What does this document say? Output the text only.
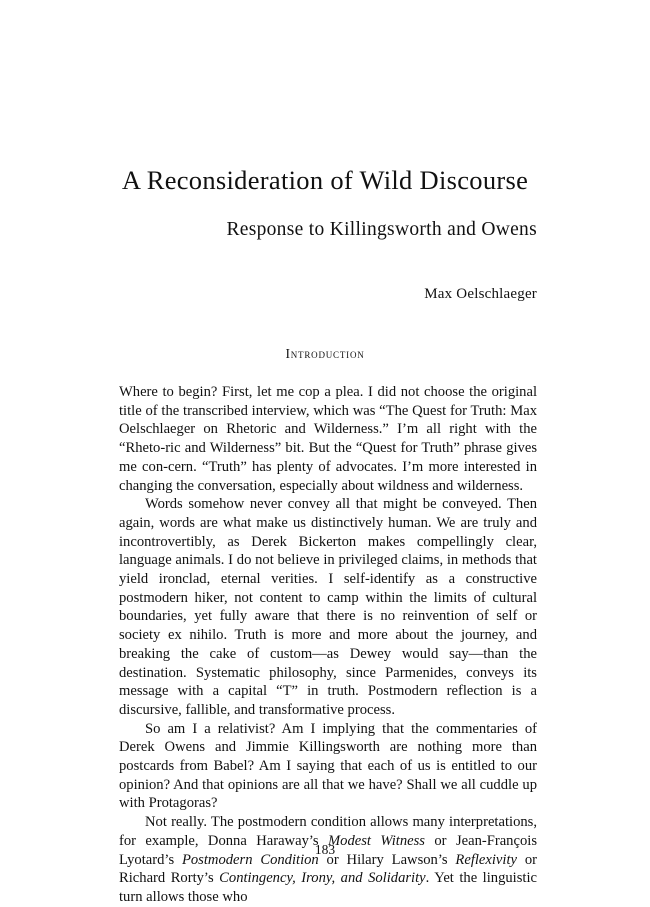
A Reconsideration of Wild Discourse
Response to Killingsworth and Owens
Max Oelschlaeger
Introduction

Where to begin? First, let me cop a plea. I did not choose the original title of the transcribed interview, which was “The Quest for Truth: Max Oelschlaeger on Rhetoric and Wilderness.” I’m all right with the “Rheto-ric and Wilderness” bit. But the “Quest for Truth” phrase gives me con-cern. “Truth” has plenty of advocates. I’m more interested in changing the conversation, especially about wildness and wilderness.

Words somehow never convey all that might be conveyed. Then again, words are what make us distinctively human. We are truly and incontrovertibly, as Derek Bickerton makes compellingly clear, language animals. I do not believe in privileged claims, in methods that yield ironclad, eternal verities. I self-identify as a constructive postmodern hiker, not content to camp within the limits of cultural boundaries, yet fully aware that there is no reinvention of self or society ex nihilo. Truth is more and more about the journey, and breaking the cake of custom—as Dewey would say—than the destination. Systematic philosophy, since Parmenides, conveys its message with a capital “T” in truth. Postmodern reflection is a discursive, fallible, and transformative process.

So am I a relativist? Am I implying that the commentaries of Derek Owens and Jimmie Killingsworth are nothing more than postcards from Babel? Am I saying that each of us is entitled to our opinion? And that opinions are all that we have? Shall we all cuddle up with Protagoras?

Not really. The postmodern condition allows many interpretations, for example, Donna Haraway’s Modest Witness or Jean-François Lyotard’s Postmodern Condition or Hilary Lawson’s Reflexivity or Richard Rorty’s Contingency, Irony, and Solidarity. Yet the linguistic turn allows those who

183
